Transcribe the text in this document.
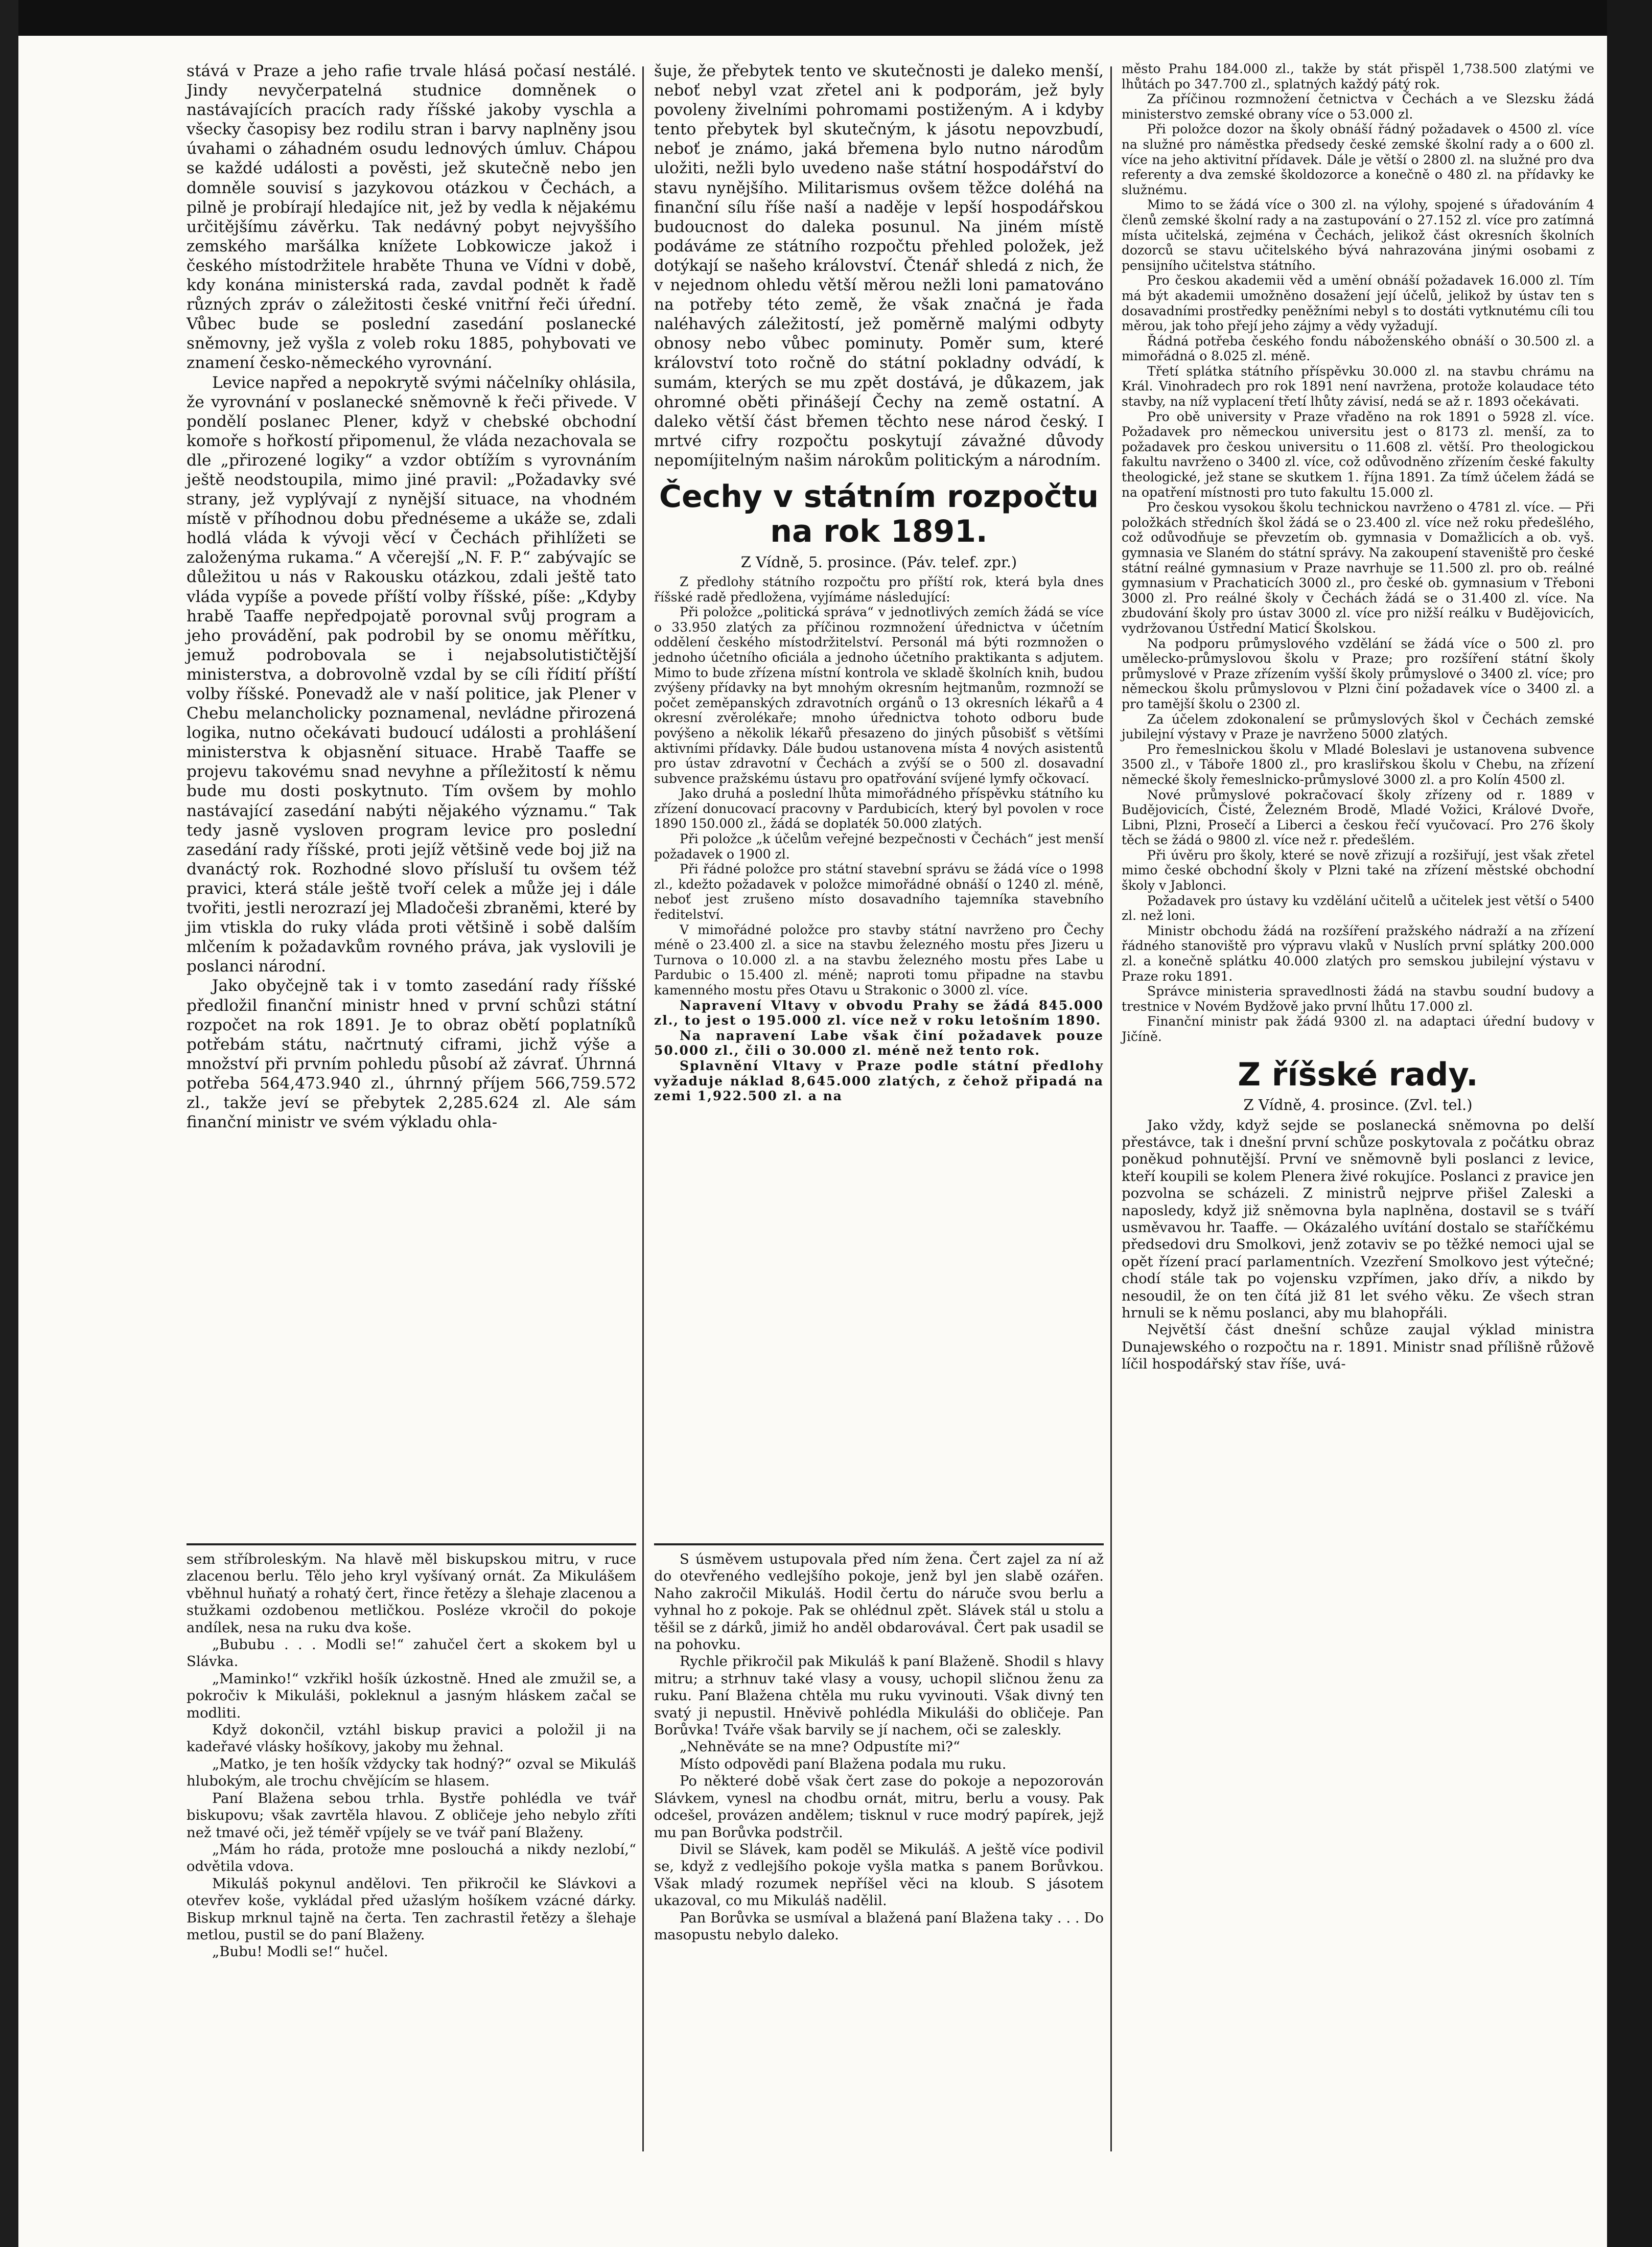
stává v Praze a jeho rafie trvale hlásá počasí nestálé. Jindy nevyčerpatelná studnice domněnek o nastávajících pracích rady říšské jakoby vyschla a všecky časopisy bez rodilu stran i barvy naplněny jsou úvahami o záhadném osudu lednových úmluv. Chápou se každé události a pověsti, jež skutečně nebo jen domněle souvisí s jazykovou otázkou v Čechách, a pilně je probírají hledajíce nit, jež by vedla k nějakému určitějšímu závěrku. Tak nedávný pobyt nejvyššího zemského maršálka knížete Lobkowicze jakož i českého místodržitele hraběte Thuna ve Vídni v době, kdy konána ministerská rada, zavdal podnět k řadě různých zpráv o záležitosti české vnitřní řeči úřední. Vůbec bude se poslední zasedání poslanecké sněmovny, jež vyšla z voleb roku 1885, pohybovati ve znamení česko-německého vyrovnání.

Levice napřed a nepokrytě svými náčelníky ohlásila, že vyrovnání v poslanecké sněmovně k řeči přivede. V pondělí poslanec Plener, když v chebské obchodní komoře s hořkostí připomenul, že vláda nezachovala se dle „přirozené logiky“ a vzdor obtížím s vyrovnáním ještě neodstoupila, mimo jiné pravil: „Požadavky své strany, jež vyplývají z nynější situace, na vhodném místě v příhodnou dobu přednéseme a ukáže se, zdali hodlá vláda k vývoji věcí v Čechách přihlížeti se založenýma rukama.“ A včerejší „N. F. P.“ zabývajíc se důležitou u nás v Rakousku otázkou, zdali ještě tato vláda vypíše a povede příští volby říšské, píše: „Kdyby hrabě Taaffe nepředpojatě porovnal svůj program a jeho provádění, pak podrobil by se onomu měřítku, jemuž podrobovala se i nejabsolutističtější ministerstva, a dobrovolně vzdal by se cíli řídití příští volby říšské. Ponevadž ale v naší politice, jak Plener v Chebu melancholicky poznamenal, nevládne přirozená logika, nutno očekávati budoucí události a prohlášení ministerstva k objasnění situace. Hrabě Taaffe se projevu takovému snad nevyhne a příležitostí k němu bude mu dosti poskytnuto. Tím ovšem by mohlo nastávající zasedání nabýti nějakého významu.“ Tak tedy jasně vysloven program levice pro poslední zasedání rady říšské, proti jejíž většině vede boj již na dvanáctý rok. Rozhodné slovo přísluší tu ovšem též pravici, která stále ještě tvoří celek a může jej i dále tvořiti, jestli nerozrazí jej Mladočeši zbraněmi, které by jim vtiskla do ruky vláda proti většině i sobě dalším mlčením k požadavkům rovného práva, jak vyslovili je poslanci národní.

Jako obyčejně tak i v tomto zasedání rady říšské předložil finanční ministr hned v první schůzi státní rozpočet na rok 1891. Je to obraz obětí poplatníků potřebám státu, načrtnutý ciframi, jichž výše a množství při prvním pohledu působí až závrať. Úhrnná potřeba 564,473.940 zl., úhrnný příjem 566,759.572 zl., takže jeví se přebytek 2,285.624 zl. Ale sám finanční ministr ve svém výkladu ohla-

sem stříbroleským. Na hlavě měl biskupskou mitru, v ruce zlacenou berlu. Tělo jeho kryl vyšívaný ornát. Za Mikulášem vběhnul huňatý a rohatý čert, řince řetězy a šlehaje zlacenou a stužkami ozdobenou metličkou. Posléze vkročil do pokoje andílek, nesa na ruku dva koše.

„Bububu . . . Modli se!“ zahučel čert a skokem byl u Slávka.

„Maminko!“ vzkřikl hošík úzkostně. Hned ale zmužil se, a pokročiv k Mikuláši, pokleknul a jasným hláskem začal se modliti.

Když dokončil, vztáhl biskup pravici a položil ji na kadeřavé vlásky hošíkovy, jakoby mu žehnal.

„Matko, je ten hošík vždycky tak hodný?“ ozval se Mikuláš hlubokým, ale trochu chvějícím se hlasem.

Paní Blažena sebou trhla. Bystře pohlédla ve tvář biskupovu; však zavrtěla hlavou. Z obličeje jeho nebylo zříti než tmavé oči, jež téměř vpíjely se ve tvář paní Blaženy.

„Mám ho ráda, protože mne poslouchá a nikdy nezlobí,“ odvětila vdova.

Mikuláš pokynul andělovi. Ten přikročil ke Slávkovi a otevřev koše, vykládal před užaslým hošíkem vzácné dárky. Biskup mrknul tajně na čerta. Ten zachrastil řetězy a šlehaje metlou, pustil se do paní Blaženy.

„Bubu! Modli se!“ hučel.

šuje, že přebytek tento ve skutečnosti je daleko menší, neboť nebyl vzat zřetel ani k podporám, jež byly povoleny živelními pohromami postiženým. A i kdyby tento přebytek byl skutečným, k jásotu nepovzbudí, neboť je známo, jaká břemena bylo nutno národům uložiti, nežli bylo uvedeno naše státní hospodářství do stavu nynějšího. Militarismus ovšem těžce doléhá na finanční sílu říše naší a naděje v lepší hospodářskou budoucnost do daleka posunul. Na jiném místě podáváme ze státního rozpočtu přehled položek, jež dotýkají se našeho království. Čtenář shledá z nich, že v nejednom ohledu větší měrou nežli loni pamatováno na potřeby této země, že však značná je řada naléhavých záležitostí, jež poměrně malými odbyty obnosy nebo vůbec pominuty. Poměr sum, které království toto ročně do státní pokladny odvádí, k sumám, kterých se mu zpět dostává, je důkazem, jak ohromné oběti přinášejí Čechy na země ostatní. A daleko větší část břemen těchto nese národ český. I mrtvé cifry rozpočtu poskytují závažné důvody nepomíjitelným našim nárokům politickým a národním.

Čechy v státním rozpočtu na rok 1891.
Z Vídně, 5. prosince. (Páv. telef. zpr.)

Z předlohy státního rozpočtu pro příští rok, která byla dnes říšské radě předložena, vyjímáme následující:

Při položce „politická správa“ v jednotlivých zemích žádá se více o 33.950 zlatých za příčinou rozmnožení úřednictva v účetním oddělení českého místodržitelství. Personál má býti rozmnožen o jednoho účetního oficiála a jednoho účetního praktikanta s adjutem. Mimo to bude zřízena místní kontrola ve skladě školních knih, budou zvýšeny přídavky na byt mnohým okresním hejtmanům, rozmnoží se počet zeměpanských zdravotních orgánů o 13 okresních lékařů a 4 okresní zvěrolékaře; mnoho úřednictva tohoto odboru bude povýšeno a několik lékařů přesazeno do jiných působišť s většími aktivními přídavky. Dále budou ustanovena místa 4 nových asistentů pro ústav zdravotní v Čechách a zvýší se o 500 zl. dosavadní subvence pražskému ústavu pro opatřování svíjené lymfy očkovací.

Jako druhá a poslední lhůta mimořádného příspěvku státního ku zřízení donucovací pracovny v Pardubicích, který byl povolen v roce 1890 150.000 zl., žádá se doplaték 50.000 zlatých.

Při položce „k účelům veřejné bezpečnosti v Čechách“ jest menší požadavek o 1900 zl.

Při řádné položce pro státní stavební správu se žádá více o 1998 zl., kdežto požadavek v položce mimořádné obnáší o 1240 zl. méně, neboť jest zrušeno místo dosavadního tajemníka stavebního ředitelství.

V mimořádné položce pro stavby státní navrženo pro Čechy méně o 23.400 zl. a sice na stavbu železného mostu přes Jizeru u Turnova o 10.000 zl. a na stavbu železného mostu přes Labe u Pardubic o 15.400 zl. méně; naproti tomu připadne na stavbu kamenného mostu přes Otavu u Strakonic o 3000 zl. více.

Napravení Vltavy v obvodu Prahy se žádá 845.000 zl., to jest o 195.000 zl. více než v roku letošním 1890.

Na napravení Labe však činí požadavek pouze 50.000 zl., čili o 30.000 zl. méně než tento rok.

Splavnění Vltavy v Praze podle státní předlohy vyžaduje náklad 8,645.000 zlatých, z čehož připadá na zemi 1,922.500 zl. a na

S úsměvem ustupovala před ním žena. Čert zajel za ní až do otevřeného vedlejšího pokoje, jenž byl jen slabě ozářen. Naho zakročil Mikuláš. Hodil čertu do náruče svou berlu a vyhnal ho z pokoje. Pak se ohlédnul zpět. Slávek stál u stolu a těšil se z dárků, jimiž ho anděl obdarovával. Čert pak usadil se na pohovku.

Rychle přikročil pak Mikuláš k paní Blaženě. Shodil s hlavy mitru; a strhnuv také vlasy a vousy, uchopil sličnou ženu za ruku. Paní Blažena chtěla mu ruku vyvinouti. Však divný ten svatý ji nepustil. Hněvivě pohlédla Mikuláši do obličeje. Pan Borůvka! Tváře však barvily se jí nachem, oči se zaleskly.

„Nehněváte se na mne? Odpustíte mi?“

Místo odpovědi paní Blažena podala mu ruku.

Po některé době však čert zase do pokoje a nepozorován Slávkem, vynesl na chodbu ornát, mitru, berlu a vousy. Pak odcešel, provázen andělem; tisknul v ruce modrý papírek, jejž mu pan Borůvka podstrčil.

Divil se Slávek, kam poděl se Mikuláš. A ještě více podivil se, když z vedlejšího pokoje vyšla matka s panem Borůvkou. Však mladý rozumek nepříšel věci na kloub. S jásotem ukazoval, co mu Mikuláš nadělil.

Pan Borůvka se usmíval a blažená paní Blažena taky . . . Do masopustu nebylo daleko.

město Prahu 184.000 zl., takže by stát přispěl 1,738.500 zlatými ve lhůtách po 347.700 zl., splatných každý pátý rok.

Za příčinou rozmnožení četnictva v Čechách a ve Slezsku žádá ministerstvo zemské obrany více o 53.000 zl.

Při položce dozor na školy obnáší řádný požadavek o 4500 zl. více na služné pro náměstka předsedy české zemské školní rady a o 600 zl. více na jeho aktivitní přídavek. Dále je větší o 2800 zl. na služné pro dva referenty a dva zemské školdozorce a konečně o 480 zl. na přídavky ke služnému.

Mimo to se žádá více o 300 zl. na výlohy, spojené s úřadováním 4 členů zemské školní rady a na zastupování o 27.152 zl. více pro zatímná místa učitelská, zejména v Čechách, jelikož část okresních školních dozorců se stavu učitelského bývá nahrazována jinými osobami z pensijního učitelstva státního.

Pro českou akademii věd a umění obnáší požadavek 16.000 zl. Tím má být akademii umožněno dosažení její účelů, jelikož by ústav ten s dosavadními prostředky peněžními nebyl s to dostáti vytknutému cíli tou měrou, jak toho přejí jeho zájmy a vědy vyžadují.

Řádná potřeba českého fondu náboženského obnáší o 30.500 zl. a mimořádná o 8.025 zl. méně.

Třetí splátka státního příspěvku 30.000 zl. na stavbu chrámu na Král. Vinohradech pro rok 1891 není navržena, protože kolaudace této stavby, na níž vyplacení třetí lhůty závisí, nedá se až r. 1893 očekávati.

Pro obě university v Praze vřaděno na rok 1891 o 5928 zl. více. Požadavek pro německou universitu jest o 8173 zl. menší, za to požadavek pro českou universitu o 11.608 zl. větší. Pro theologickou fakultu navrženo o 3400 zl. více, což odůvodněno zřízením české fakulty theologické, jež stane se skutkem 1. října 1891. Za tímž účelem žádá se na opatření místnosti pro tuto fakultu 15.000 zl.

Pro českou vysokou školu technickou navrženo o 4781 zl. více. — Při položkách středních škol žádá se o 23.400 zl. více než roku předešlého, což odůvodňuje se převzetím ob. gymnasia v Domažlicích a ob. vyš. gymnasia ve Slaném do státní správy. Na zakoupení staveniště pro české státní reálné gymnasium v Praze navrhuje se 11.500 zl. pro ob. reálné gymnasium v Prachaticích 3000 zl., pro české ob. gymnasium v Třeboni 3000 zl. Pro reálné školy v Čechách žádá se o 31.400 zl. více. Na zbudování školy pro ústav 3000 zl. více pro nižší reálku v Budějovicích, vydržovanou Ústřední Maticí Školskou.

Na podporu průmyslového vzdělání se žádá více o 500 zl. pro umělecko-průmyslovou školu v Praze; pro rozšíření státní školy průmyslové v Praze zřízením vyšší školy průmyslové o 3400 zl. více; pro německou školu průmyslovou v Plzni činí požadavek více o 3400 zl. a pro tamější školu o 2300 zl.

Za účelem zdokonalení se průmyslových škol v Čechách zemské jubilejní výstavy v Praze je navrženo 5000 zlatých.

Pro řemeslnickou školu v Mladé Boleslavi je ustanovena subvence 3500 zl., v Táboře 1800 zl., pro krasliřskou školu v Chebu, na zřízení německé školy řemeslnicko-průmyslové 3000 zl. a pro Kolín 4500 zl.

Nové průmyslové pokračovací školy zřízeny od r. 1889 v Budějovicích, Čisté, Železném Brodě, Mladé Vožici, Králové Dvoře, Libni, Plzni, Prosečí a Liberci a českou řečí vyučovací. Pro 276 školy těch se žádá o 9800 zl. více než r. předešlém.

Při úvěru pro školy, které se nově zřizují a rozšiřují, jest však zřetel mimo české obchodní školy v Plzni také na zřízení městské obchodní školy v Jablonci.

Požadavek pro ústavy ku vzdělání učitelů a učitelek jest větší o 5400 zl. než loni.

Ministr obchodu žádá na rozšíření pražského nádraží a na zřízení řádného stanoviště pro výpravu vlaků v Nuslích první splátky 200.000 zl. a konečně splátku 40.000 zlatých pro semskou jubilejní výstavu v Praze roku 1891.

Správce ministeria spravedlnosti žádá na stavbu soudní budovy a trestnice v Novém Bydžově jako první lhůtu 17.000 zl.

Finanční ministr pak žádá 9300 zl. na adaptaci úřední budovy v Jičíně.

Z říšské rady.
Z Vídně, 4. prosince. (Zvl. tel.)

Jako vždy, když sejde se poslanecká sněmovna po delší přestávce, tak i dnešní první schůze poskytovala z počátku obraz poněkud pohnutější. První ve sněmovně byli poslanci z levice, kteří koupili se kolem Plenera živé rokujíce. Poslanci z pravice jen pozvolna se scházeli. Z ministrů nejprve přišel Zaleski a naposledy, když již sněmovna byla naplněna, dostavil se s tváří usměvavou hr. Taaffe. — Okázalého uvítání dostalo se staříčkému předsedovi dru Smolkovi, jenž zotaviv se po těžké nemoci ujal se opět řízení prací parlamentních. Vzezření Smolkovo jest výtečné; chodí stále tak po vojensku vzpřímen, jako dřív, a nikdo by nesoudil, že on ten čítá již 81 let svého věku. Ze všech stran hrnuli se k němu poslanci, aby mu blahopřáli.

Největší část dnešní schůze zaujal výklad ministra Dunajewského o rozpočtu na r. 1891. Ministr snad přílišně růžově líčil hospodářský stav říše, uvá-
